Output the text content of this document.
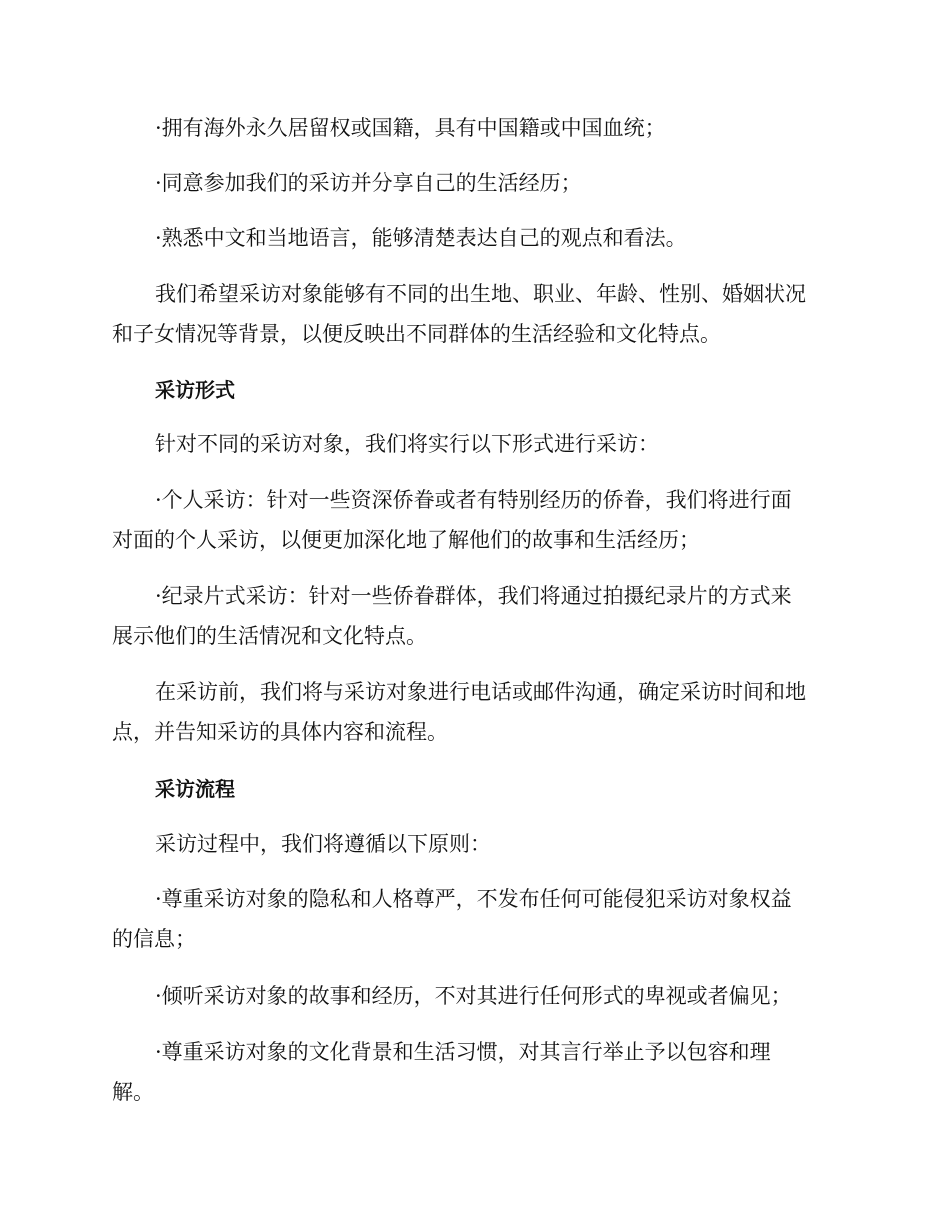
·拥有海外永久居留权或国籍，具有中国籍或中国血统；
·同意参加我们的采访并分享自己的生活经历；
·熟悉中文和当地语言，能够清楚表达自己的观点和看法。
我们希望采访对象能够有不同的出生地、职业、年龄、性别、婚姻状况
和子女情况等背景，以便反映出不同群体的生活经验和文化特点。
采访形式
针对不同的采访对象，我们将实行以下形式进行采访：
·个人采访：针对一些资深侨眷或者有特别经历的侨眷，我们将进行面
对面的个人采访，以便更加深化地了解他们的故事和生活经历；
·纪录片式采访：针对一些侨眷群体，我们将通过拍摄纪录片的方式来
展示他们的生活情况和文化特点。
在采访前，我们将与采访对象进行电话或邮件沟通，确定采访时间和地
点，并告知采访的具体内容和流程。
采访流程
采访过程中，我们将遵循以下原则：
·尊重采访对象的隐私和人格尊严，不发布任何可能侵犯采访对象权益
的信息；
·倾听采访对象的故事和经历，不对其进行任何形式的卑视或者偏见；
·尊重采访对象的文化背景和生活习惯，对其言行举止予以包容和理
解。
